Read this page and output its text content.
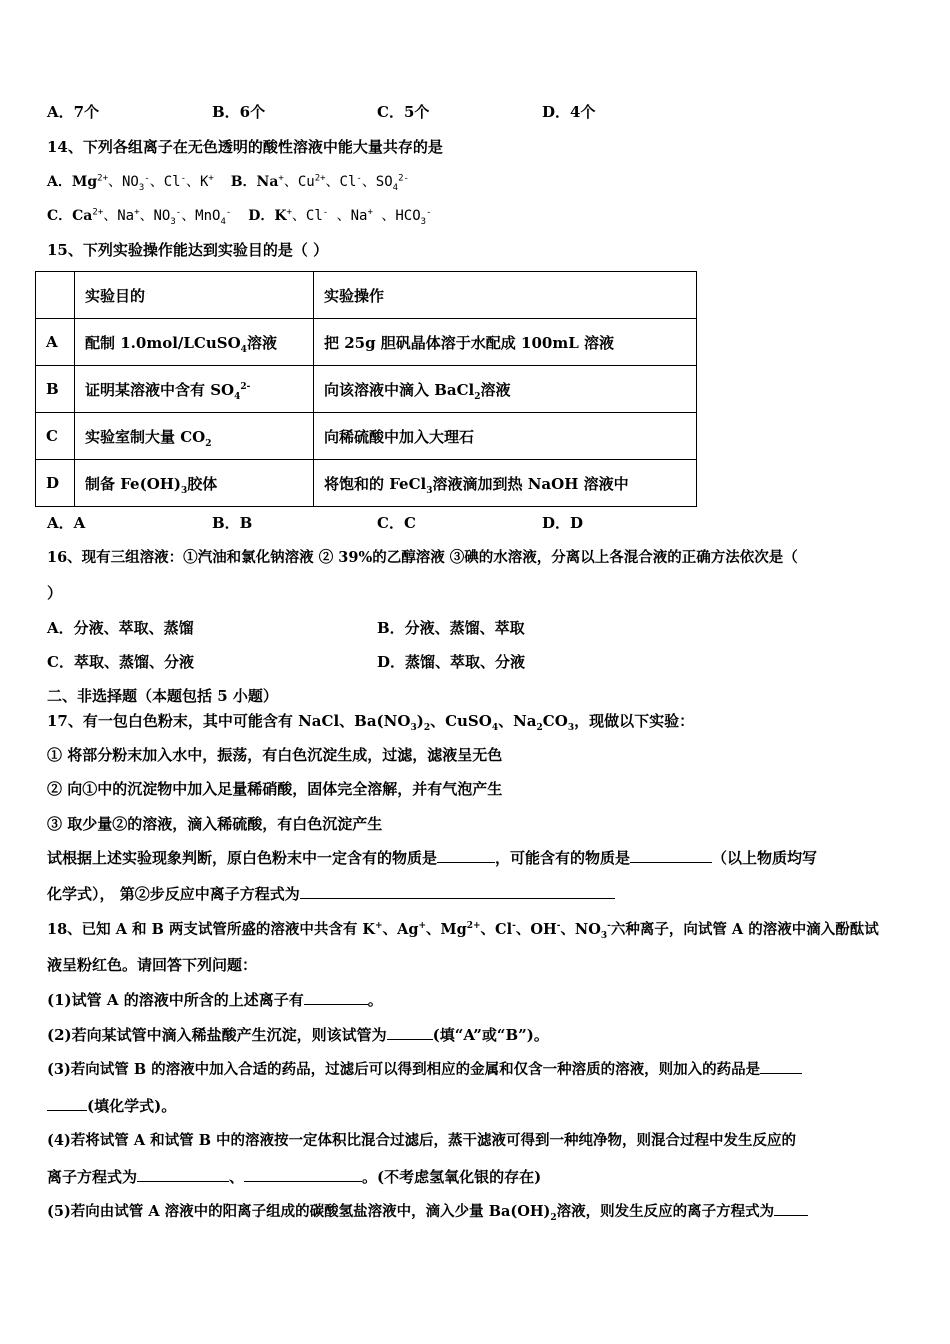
A．7个	B．6个	C．5个	D．4个
14、下列各组离子在无色透明的酸性溶液中能大量共存的是
A．$Mg^{2+}$、$NO_3^-$、Cl-、K+ B．Na+、$Cu^{2+}$、Cl-、$SO_4^{2-}$
C．$Ca^{2+}$、Na+、$NO_3^-$、MnO$_4$- D．K+、Cl- 、Na+ 、$HCO_3^-$
15、下列实验操作能达到实验目的是（ ）
	实验目的	实验操作
A	配制 1.0mol/LCuSO$_4$溶液	把 25g 胆矾晶体溶于水配成 100mL 溶液
B	证明某溶液中含有 $SO_4^{2-}$	向该溶液中滴入 BaCl$_2$溶液
C	实验室制大量 $CO_2$	向稀硫酸中加入大理石
D	制备 $Fe(OH)_3$胶体	将饱和的 FeCl$_3$溶液滴加到热 NaOH 溶液中
A．A	B．B	C．C	D．D
16、现有三组溶液：①汽油和氯化钠溶液 ② 39%的乙醇溶液 ③碘的水溶液，分离以上各混合液的正确方法依次是（
）
A．分液、萃取、蒸馏	B．分液、蒸馏、萃取
C．萃取、蒸馏、分液	D．蒸馏、萃取、分液
二、非选择题（本题包括 5 小题）
17、有一包白色粉末，其中可能含有 NaCl、$Ba(NO_3)_2$、CuSO$_4$、$Na_2CO_3$，现做以下实验：
① 将部分粉末加入水中，振荡，有白色沉淀生成，过滤，滤液呈无色
② 向①中的沉淀物中加入足量稀硝酸，固体完全溶解，并有气泡产生
③ 取少量②的溶液，滴入稀硫酸，有白色沉淀产生
试根据上述实验现象判断，原白色粉末中一定含有的物质是	，可能含有的物质是	（以上物质均写
化学式）， 第②步反应中离子方程式为
18、已知 A 和 B 两支试管所盛的溶液中共含有 K+、Ag+、$Mg^{2+}$、Cl-、OH-、$NO_3^-$六种离子，向试管 A 的溶液中滴入酚酞试
液呈粉红色。请回答下列问题：
(1)试管 A 的溶液中所含的上述离子有	。
(2)若向某试管中滴入稀盐酸产生沉淀，则该试管为	(填“A”或“B”)。
(3)若向试管 B 的溶液中加入合适的药品，过滤后可以得到相应的金属和仅含一种溶质的溶液，则加入的药品是
(填化学式)。
(4)若将试管 A 和试管 B 中的溶液按一定体积比混合过滤后，蒸干滤液可得到一种纯净物，则混合过程中发生反应的
离子方程式为	、	。(不考虑氢氧化银的存在)
(5)若向由试管 A 溶液中的阳离子组成的碳酸氢盐溶液中，滴入少量 $Ba(OH)_2$溶液，则发生反应的离子方程式为
